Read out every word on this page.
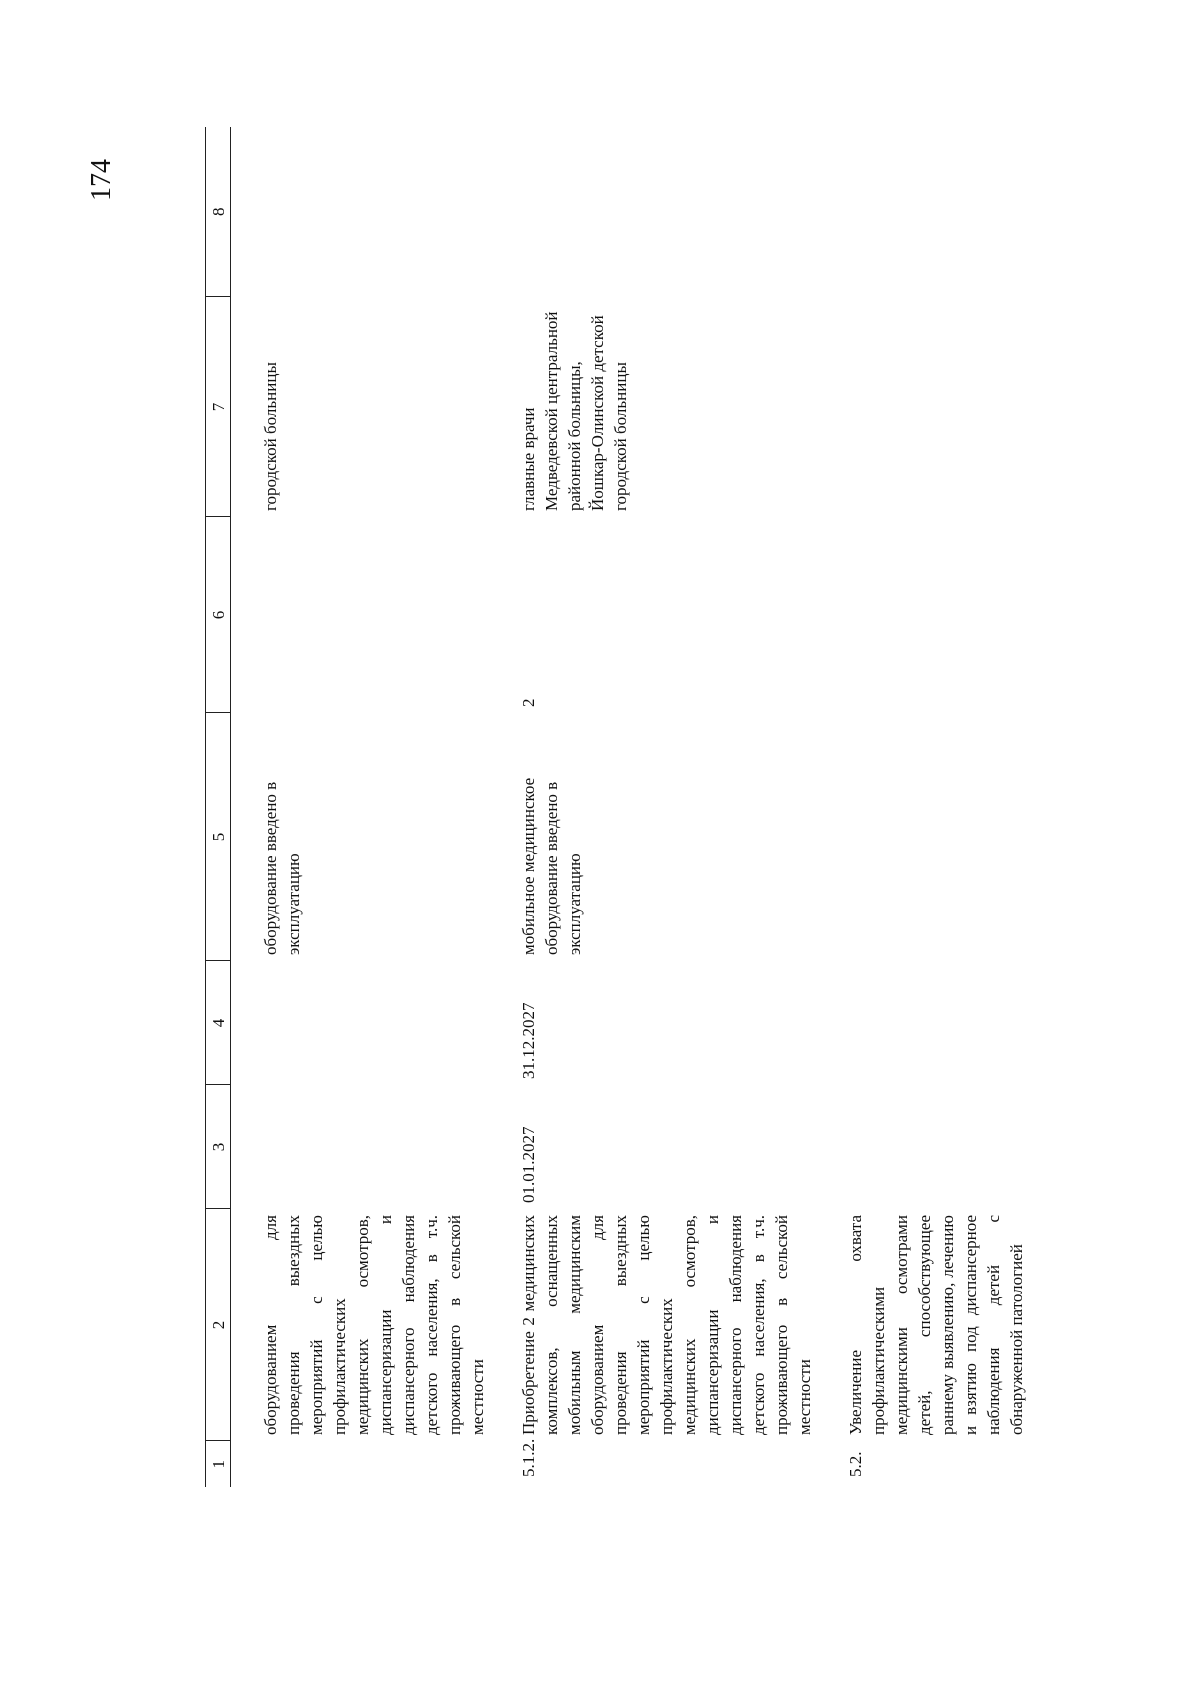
174
1	2	3	4	5	6	7	8
	оборудованием для проведения выездных мероприятий с целью профилактических медицинских осмотров, диспансеризации и диспансерного наблюдения детского населения, в т.ч. проживающего в сельской местности			оборудование введено в эксплуатацию		городской больницы	
5.1.2.	Приобретение 2 медицинских комплексов, оснащенных мобильным медицинским оборудованием для проведения выездных мероприятий с целью профилактических медицинских осмотров, диспансеризации и диспансерного наблюдения детского населения, в т.ч. проживающего в сельской местности	01.01.2027	31.12.2027	мобильное медицинское оборудование введено в эксплуатацию	2	главные врачи Медведевской центральной районной больницы, Йошкар-Олинской детской городской больницы	
5.2.	Увеличение охвата профилактическими медицинскими осмотрами детей, способствующее раннему выявлению, лечению и взятию под диспансерное наблюдения детей с обнаруженной патологией						
